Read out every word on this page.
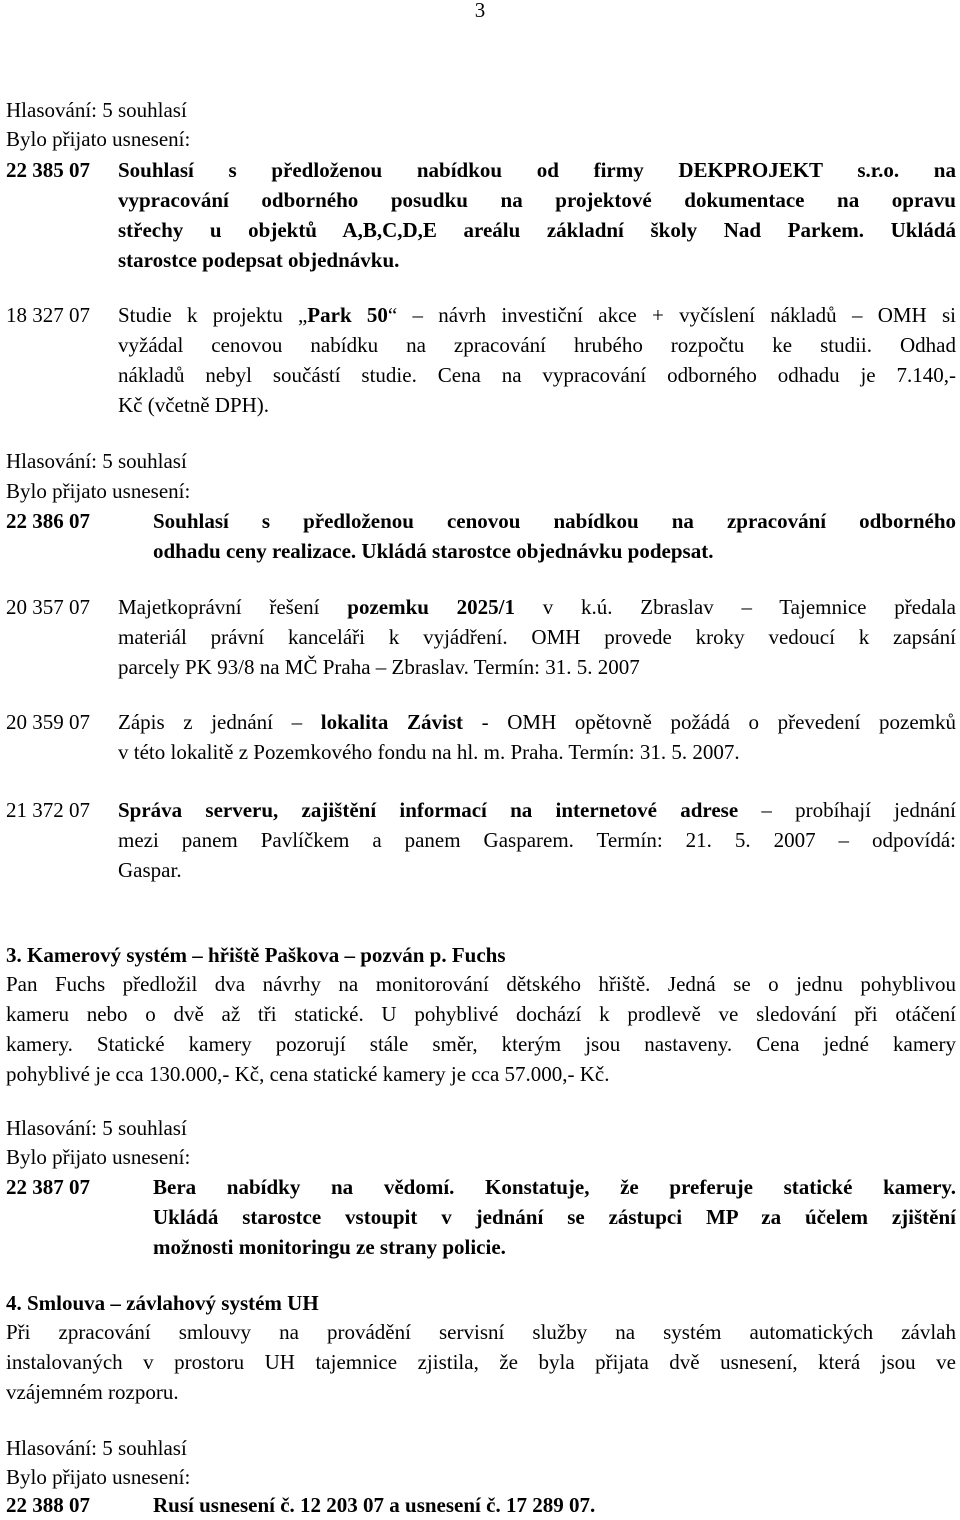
3
Hlasování: 5 souhlasí
Bylo přijato usnesení:
22 385 07 Souhlasí s předloženou nabídkou od firmy DEKPROJEKT s.r.o. na
vypracování odborného posudku na projektové dokumentace na opravu
střechy u objektů A,B,C,D,E areálu základní školy Nad Parkem. Ukládá
starostce podepsat objednávku.
18 327 07 Studie k projektu „Park 50“ – návrh investiční akce + vyčíslení nákladů – OMH si
vyžádal cenovou nabídku na zpracování hrubého rozpočtu ke studii. Odhad
nákladů nebyl součástí studie. Cena na vypracování odborného odhadu je 7.140,-
Kč (včetně DPH).
Hlasování: 5 souhlasí
Bylo přijato usnesení:
22 386 07	Souhlasí s předloženou cenovou nabídkou na zpracování odborného
odhadu ceny realizace. Ukládá starostce objednávku podepsat.
20 357 07 Majetkoprávní řešení pozemku 2025/1 v k.ú. Zbraslav – Tajemnice předala
materiál právní kanceláři k vyjádření. OMH provede kroky vedoucí k zapsání
parcely PK 93/8 na MČ Praha – Zbraslav. Termín: 31. 5. 2007
20 359 07 Zápis z jednání – lokalita Závist - OMH opětovně požádá o převedení pozemků
v této lokalitě z Pozemkového fondu na hl. m. Praha. Termín: 31. 5. 2007.
21 372 07 Správa serveru, zajištění informací na internetové adrese – probíhají jednání
mezi panem Pavlíčkem a panem Gasparem. Termín: 21. 5. 2007 – odpovídá:
Gaspar.
3. Kamerový systém – hřiště Paškova – pozván p. Fuchs
Pan Fuchs předložil dva návrhy na monitorování dětského hřiště. Jedná se o jednu pohyblivou
kameru nebo o dvě až tři statické. U pohyblivé dochází k prodlevě ve sledování při otáčení
kamery. Statické kamery pozorují stále směr, kterým jsou nastaveny. Cena jedné kamery
pohyblivé je cca 130.000,- Kč, cena statické kamery je cca 57.000,- Kč.
Hlasování: 5 souhlasí
Bylo přijato usnesení:
22 387 07	Bera nabídky na vědomí. Konstatuje, že preferuje statické kamery.
Ukládá starostce vstoupit v jednání se zástupci MP za účelem zjištění
možnosti monitoringu ze strany policie.
4. Smlouva – závlahový systém UH
Při zpracování smlouvy na provádění servisní služby na systém automatických závlah
instalovaných v prostoru UH tajemnice zjistila, že byla přijata dvě usnesení, která jsou ve
vzájemném rozporu.
Hlasování: 5 souhlasí
Bylo přijato usnesení:
22 388 07	Rusí usnesení č. 12 203 07 a usnesení č. 17 289 07.
